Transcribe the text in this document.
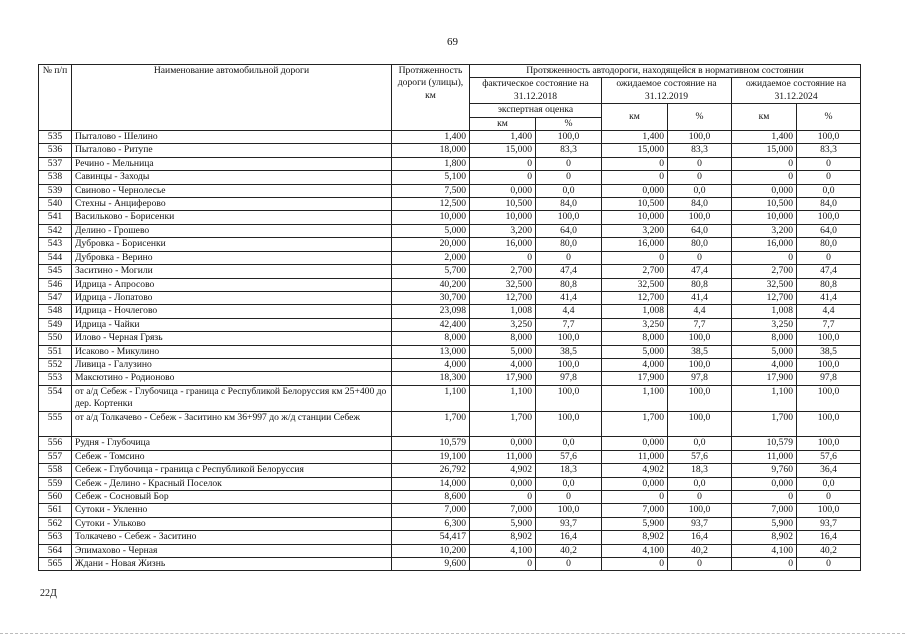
69
№ п/п	Наименование автомобильной дороги	Протяженность дороги (улицы), км	Протяженность автодороги, находящейся в нормативном состоянии					
			фактическое состояние на 31.12.2018		ожидаемое состояние на 31.12.2019		ожидаемое состояние на 31.12.2024	
			экспертная оценка		км	%	км	%
			км	%				
535	Пыталово - Шелино	1,400	1,400	100,0	1,400	100,0	1,400	100,0
536	Пыталово - Ритупе	18,000	15,000	83,3	15,000	83,3	15,000	83,3
537	Речино - Мельница	1,800	0	0	0	0	0	0
538	Савинцы - Заходы	5,100	0	0	0	0	0	0
539	Свиново - Чернолесье	7,500	0,000	0,0	0,000	0,0	0,000	0,0
540	Стехны - Анциферово	12,500	10,500	84,0	10,500	84,0	10,500	84,0
541	Васильково - Борисенки	10,000	10,000	100,0	10,000	100,0	10,000	100,0
542	Делино - Грошево	5,000	3,200	64,0	3,200	64,0	3,200	64,0
543	Дубровка - Борисенки	20,000	16,000	80,0	16,000	80,0	16,000	80,0
544	Дубровка - Верино	2,000	0	0	0	0	0	0
545	Заситино - Могили	5,700	2,700	47,4	2,700	47,4	2,700	47,4
546	Идрица - Апросово	40,200	32,500	80,8	32,500	80,8	32,500	80,8
547	Идрица - Лопатово	30,700	12,700	41,4	12,700	41,4	12,700	41,4
548	Идрица - Ночлегово	23,098	1,008	4,4	1,008	4,4	1,008	4,4
549	Идрица - Чайки	42,400	3,250	7,7	3,250	7,7	3,250	7,7
550	Илово - Черная Грязь	8,000	8,000	100,0	8,000	100,0	8,000	100,0
551	Исаково - Микулино	13,000	5,000	38,5	5,000	38,5	5,000	38,5
552	Ливица - Галузино	4,000	4,000	100,0	4,000	100,0	4,000	100,0
553	Максютино - Родионово	18,300	17,900	97,8	17,900	97,8	17,900	97,8
554	от а/д Себеж - Глубочица - граница с Республикой Белоруссия км 25+400 до дер. Кортенки	1,100	1,100	100,0	1,100	100,0	1,100	100,0
555	от а/д Толкачево - Себеж - Заситино км 36+997 до ж/д станции Себеж	1,700	1,700	100,0	1,700	100,0	1,700	100,0
556	Рудня - Глубочица	10,579	0,000	0,0	0,000	0,0	10,579	100,0
557	Себеж - Томсино	19,100	11,000	57,6	11,000	57,6	11,000	57,6
558	Себеж - Глубочица - граница с Республикой Белоруссия	26,792	4,902	18,3	4,902	18,3	9,760	36,4
559	Себеж - Делино - Красный Поселок	14,000	0,000	0,0	0,000	0,0	0,000	0,0
560	Себеж - Сосновый Бор	8,600	0	0	0	0	0	0
561	Сутоки - Укленно	7,000	7,000	100,0	7,000	100,0	7,000	100,0
562	Сутоки - Ульково	6,300	5,900	93,7	5,900	93,7	5,900	93,7
563	Толкачево - Себеж - Заситино	54,417	8,902	16,4	8,902	16,4	8,902	16,4
564	Эпимахово - Черная	10,200	4,100	40,2	4,100	40,2	4,100	40,2
565	Ждани - Новая Жизнь	9,600	0	0	0	0	0	0
22Д
